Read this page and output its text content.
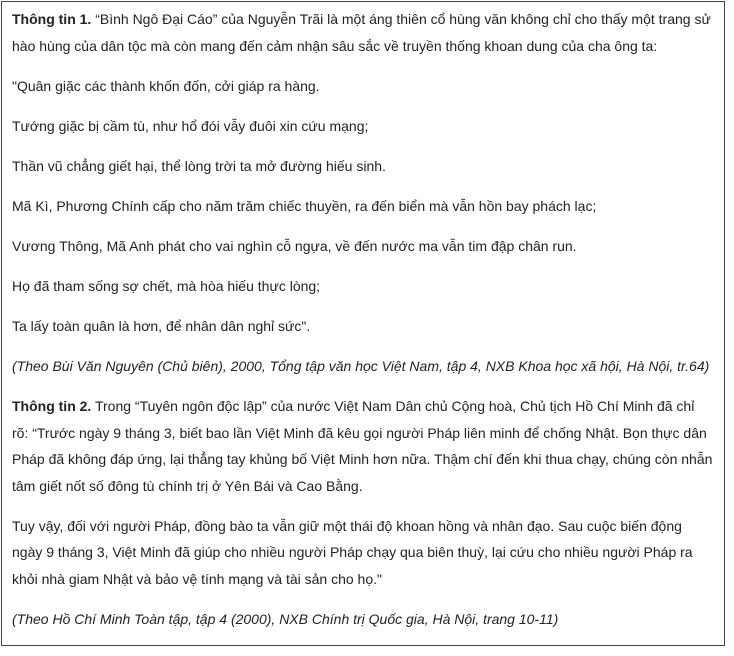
Thông tin 1. “Bình Ngô Đại Cáo” của Nguyễn Trãi là một áng thiên cổ hùng văn không chỉ cho thấy một trang sử hào hùng của dân tộc mà còn mang đến cảm nhận sâu sắc về truyền thống khoan dung của cha ông ta:

"Quân giặc các thành khốn đốn, cởi giáp ra hàng.

Tướng giặc bị cầm tù, như hổ đói vẫy đuôi xin cứu mạng;

Thần vũ chẳng giết hại, thể lòng trời ta mở đường hiếu sinh.

Mã Kì, Phương Chính cấp cho năm trăm chiếc thuyền, ra đến biển mà vẫn hồn bay phách lạc;

Vương Thông, Mã Anh phát cho vai nghìn cỗ ngựa, về đến nước ma vẫn tim đập chân run.

Họ đã tham sống sợ chết, mà hòa hiếu thực lòng;

Ta lấy toàn quân là hơn, để nhân dân nghỉ sức".

(Theo Bùi Văn Nguyên (Chủ biên), 2000, Tổng tập văn học Việt Nam, tập 4, NXB Khoa học xã hội, Hà Nội, tr.64)

Thông tin 2. Trong “Tuyên ngôn độc lập” của nước Việt Nam Dân chủ Cộng hoà, Chủ tịch Hồ Chí Minh đã chỉ rõ: “Trước ngày 9 tháng 3, biết bao lần Việt Minh đã kêu gọi người Pháp liên minh để chống Nhật. Bọn thực dân Pháp đã không đáp ứng, lại thẳng tay khủng bố Việt Minh hơn nữa. Thậm chí đến khi thua chạy, chúng còn nhẫn tâm giết nốt số đông tù chính trị ở Yên Bái và Cao Bằng.

Tuy vậy, đối với người Pháp, đồng bào ta vẫn giữ một thái độ khoan hồng và nhân đạo. Sau cuộc biến động ngày 9 tháng 3, Việt Minh đã giúp cho nhiều người Pháp chạy qua biên thuỳ, lại cứu cho nhiều người Pháp ra khỏi nhà giam Nhật và bảo vệ tính mạng và tài sản cho họ."

(Theo Hồ Chí Minh Toàn tập, tập 4 (2000), NXB Chính trị Quốc gia, Hà Nội, trang 10-11)
